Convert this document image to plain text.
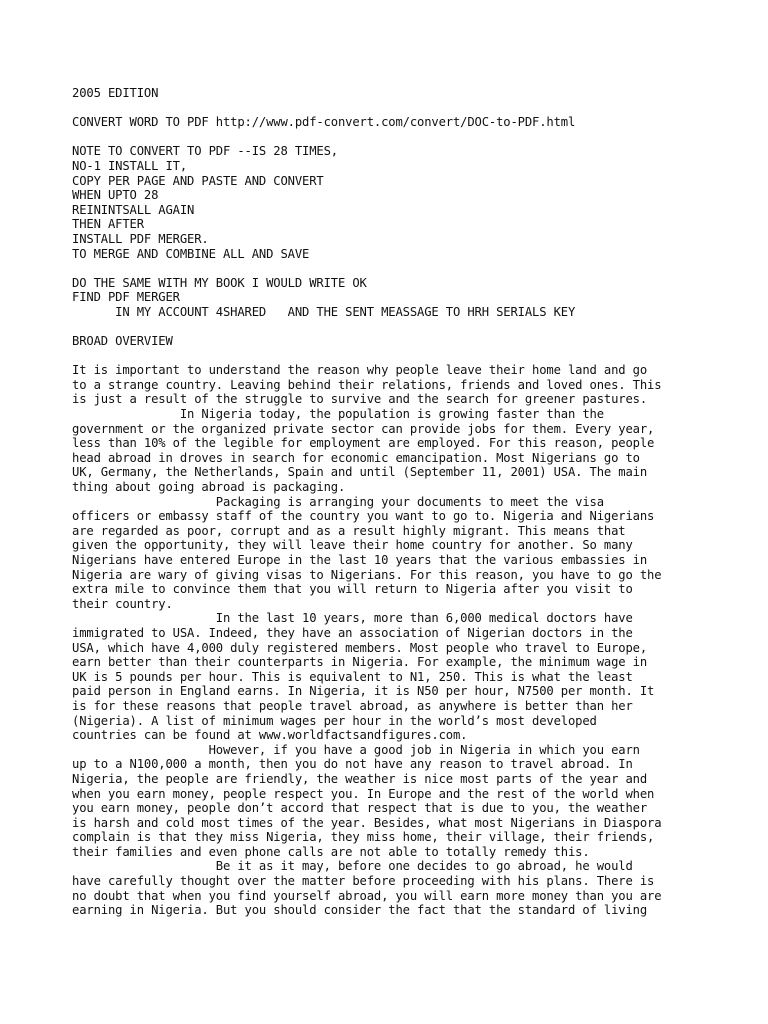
2005 EDITION

CONVERT WORD TO PDF http://www.pdf-convert.com/convert/DOC-to-PDF.html

NOTE TO CONVERT TO PDF --IS 28 TIMES,

NO-1 INSTALL IT,

COPY PER PAGE AND PASTE AND CONVERT

WHEN UPTO 28

REININTSALL AGAIN

THEN AFTER

INSTALL PDF MERGER.

TO MERGE AND COMBINE ALL AND SAVE

DO THE SAME WITH MY BOOK I WOULD WRITE OK

FIND PDF MERGER

IN MY ACCOUNT 4SHARED   AND THE SENT MEASSAGE TO HRH SERIALS KEY

BROAD OVERVIEW

It is important to understand the reason why people leave their home land and go

to a strange country. Leaving behind their relations, friends and loved ones. This

is just a result of the struggle to survive and the search for greener pastures.

In Nigeria today, the population is growing faster than the

government or the organized private sector can provide jobs for them. Every year,

less than 10% of the legible for employment are employed. For this reason, people

head abroad in droves in search for economic emancipation. Most Nigerians go to

UK, Germany, the Netherlands, Spain and until (September 11, 2001) USA. The main

thing about going abroad is packaging.

Packaging is arranging your documents to meet the visa

officers or embassy staff of the country you want to go to. Nigeria and Nigerians

are regarded as poor, corrupt and as a result highly migrant. This means that

given the opportunity, they will leave their home country for another. So many

Nigerians have entered Europe in the last 10 years that the various embassies in

Nigeria are wary of giving visas to Nigerians. For this reason, you have to go the

extra mile to convince them that you will return to Nigeria after you visit to

their country.

In the last 10 years, more than 6,000 medical doctors have

immigrated to USA. Indeed, they have an association of Nigerian doctors in the

USA, which have 4,000 duly registered members. Most people who travel to Europe,

earn better than their counterparts in Nigeria. For example, the minimum wage in

UK is 5 pounds per hour. This is equivalent to N1, 250. This is what the least

paid person in England earns. In Nigeria, it is N50 per hour, N7500 per month. It

is for these reasons that people travel abroad, as anywhere is better than her

(Nigeria). A list of minimum wages per hour in the world’s most developed

countries can be found at www.worldfactsandfigures.com.

However, if you have a good job in Nigeria in which you earn

up to a N100,000 a month, then you do not have any reason to travel abroad. In

Nigeria, the people are friendly, the weather is nice most parts of the year and

when you earn money, people respect you. In Europe and the rest of the world when

you earn money, people don’t accord that respect that is due to you, the weather

is harsh and cold most times of the year. Besides, what most Nigerians in Diaspora

complain is that they miss Nigeria, they miss home, their village, their friends,

their families and even phone calls are not able to totally remedy this.

Be it as it may, before one decides to go abroad, he would

have carefully thought over the matter before proceeding with his plans. There is

no doubt that when you find yourself abroad, you will earn more money than you are

earning in Nigeria. But you should consider the fact that the standard of living
